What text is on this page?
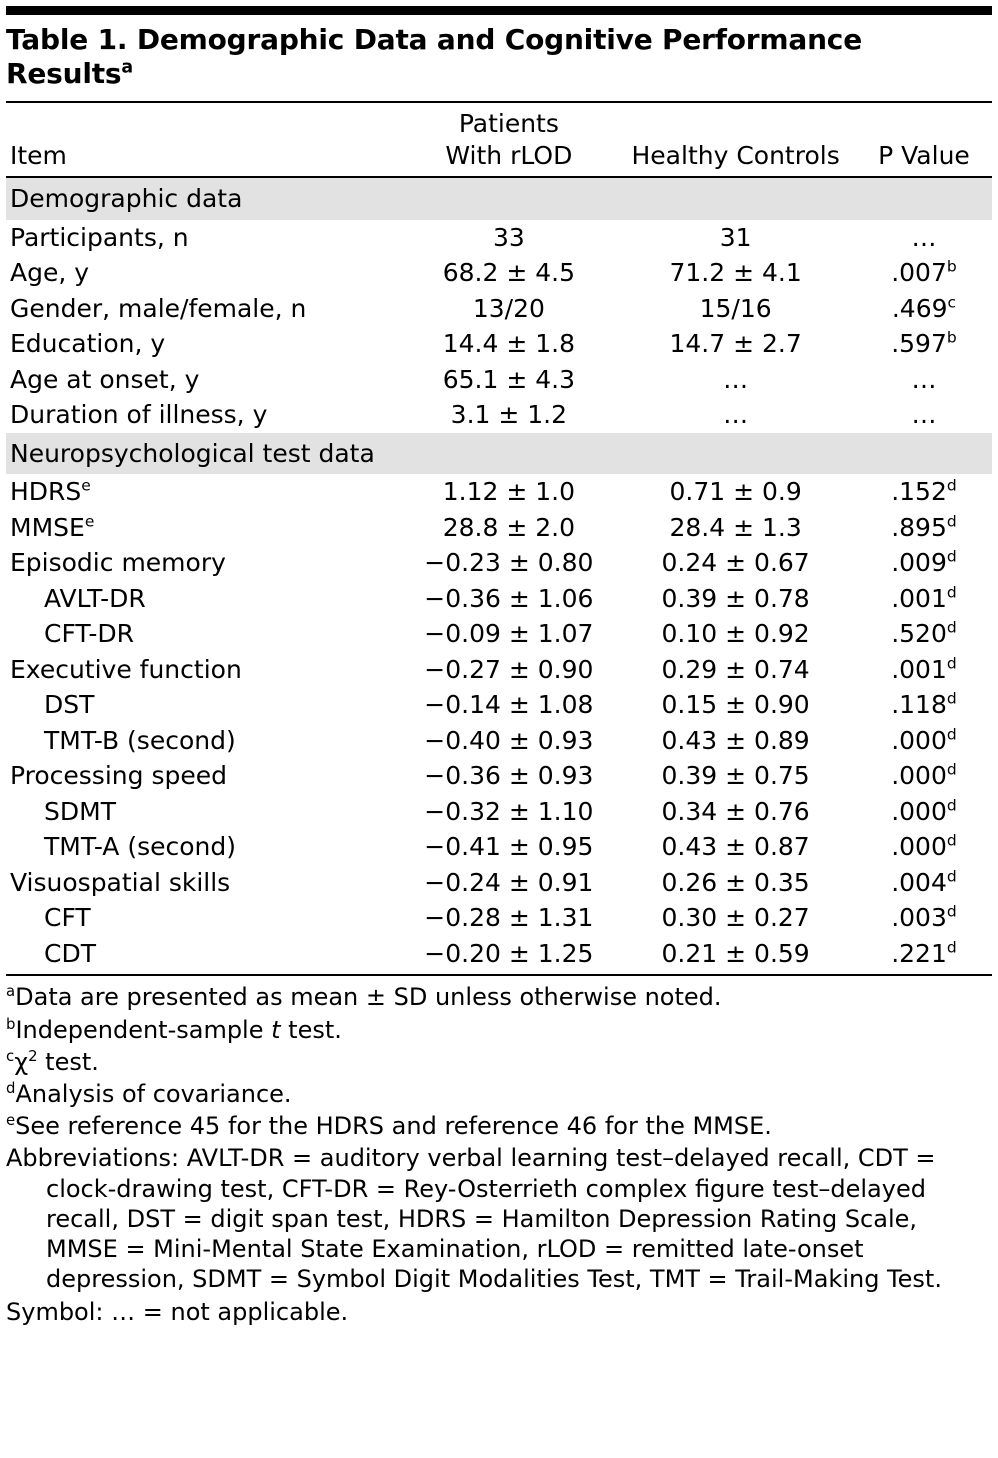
Table 1. Demographic Data and Cognitive Performance Results$^a$

	Patients		
Item	With rLOD	Healthy Controls	P Value
Demographic data			
Participants, n	33	31	…
Age, y	68.2 ± 4.5	71.2 ± 4.1	.007$^b$
Gender, male/female, n	13/20	15/16	.469$^c$
Education, y	14.4 ± 1.8	14.7 ± 2.7	.597$^b$
Age at onset, y	65.1 ± 4.3	…	…
Duration of illness, y	3.1 ± 1.2	…	…
Neuropsychological test data			
HDRS$^e$	1.12 ± 1.0	0.71 ± 0.9	.152$^d$
MMSE$^e$	28.8 ± 2.0	28.4 ± 1.3	.895$^d$
Episodic memory	−0.23 ± 0.80	0.24 ± 0.67	.009$^d$
AVLT-DR	−0.36 ± 1.06	0.39 ± 0.78	.001$^d$
CFT-DR	−0.09 ± 1.07	0.10 ± 0.92	.520$^d$
Executive function	−0.27 ± 0.90	0.29 ± 0.74	.001$^d$
DST	−0.14 ± 1.08	0.15 ± 0.90	.118$^d$
TMT-B (second)	−0.40 ± 0.93	0.43 ± 0.89	.000$^d$
Processing speed	−0.36 ± 0.93	0.39 ± 0.75	.000$^d$
SDMT	−0.32 ± 1.10	0.34 ± 0.76	.000$^d$
TMT-A (second)	−0.41 ± 0.95	0.43 ± 0.87	.000$^d$
Visuospatial skills	−0.24 ± 0.91	0.26 ± 0.35	.004$^d$
CFT	−0.28 ± 1.31	0.30 ± 0.27	.003$^d$
CDT	−0.20 ± 1.25	0.21 ± 0.59	.221$^d$

$^a$Data are presented as mean ± SD unless otherwise noted.

$^b$Independent-sample t test.

$^c\chi^2$ test.

$^d$Analysis of covariance.

$^e$See reference 45 for the HDRS and reference 46 for the MMSE.

Abbreviations: AVLT-DR = auditory verbal learning test–delayed recall, CDT = clock-drawing test, CFT-DR = Rey-Osterrieth complex figure test–delayed recall, DST = digit span test, HDRS = Hamilton Depression Rating Scale, MMSE = Mini-Mental State Examination, rLOD = remitted late-onset depression, SDMT = Symbol Digit Modalities Test, TMT = Trail-Making Test.

Symbol: … = not applicable.
